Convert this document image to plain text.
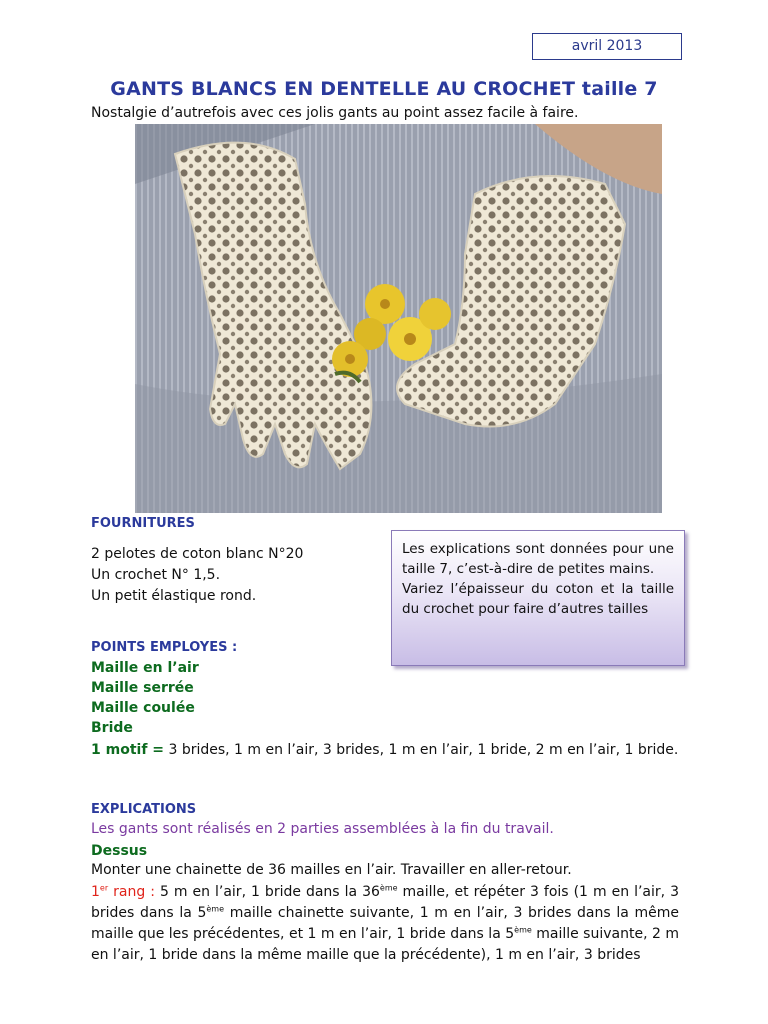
avril 2013
GANTS BLANCS EN DENTELLE AU CROCHET taille 7
Nostalgie d’autrefois avec ces jolis gants au point assez facile à faire.
FOURNITURES
2 pelotes de coton blanc N°20
Un crochet N° 1,5.
Un petit élastique rond.
Les explications sont données pour une taille 7, c’est-à-dire de petites mains.
Variez l’épaisseur du coton et la taille du crochet pour faire d’autres tailles
POINTS EMPLOYES :
Maille en l’air
Maille serrée
Maille coulée
Bride
1 motif = 3 brides, 1 m en l’air, 3 brides, 1 m en l’air, 1 bride, 2 m en l’air, 1 bride.
EXPLICATIONS
Les gants sont réalisés en 2 parties assemblées à la fin du travail.
Dessus
Monter une chainette de 36 mailles en l’air. Travailler en aller-retour.
1er rang : 5 m en l’air, 1 bride dans la 36ème maille, et répéter 3 fois (1 m en l’air, 3 brides dans la 5ème maille chainette suivante, 1 m en l’air, 3 brides dans la même maille que les précédentes, et 1 m en l’air, 1 bride dans la 5ème maille suivante, 2 m en l’air, 1 bride dans la même maille que la précédente), 1 m en l’air, 3 brides
